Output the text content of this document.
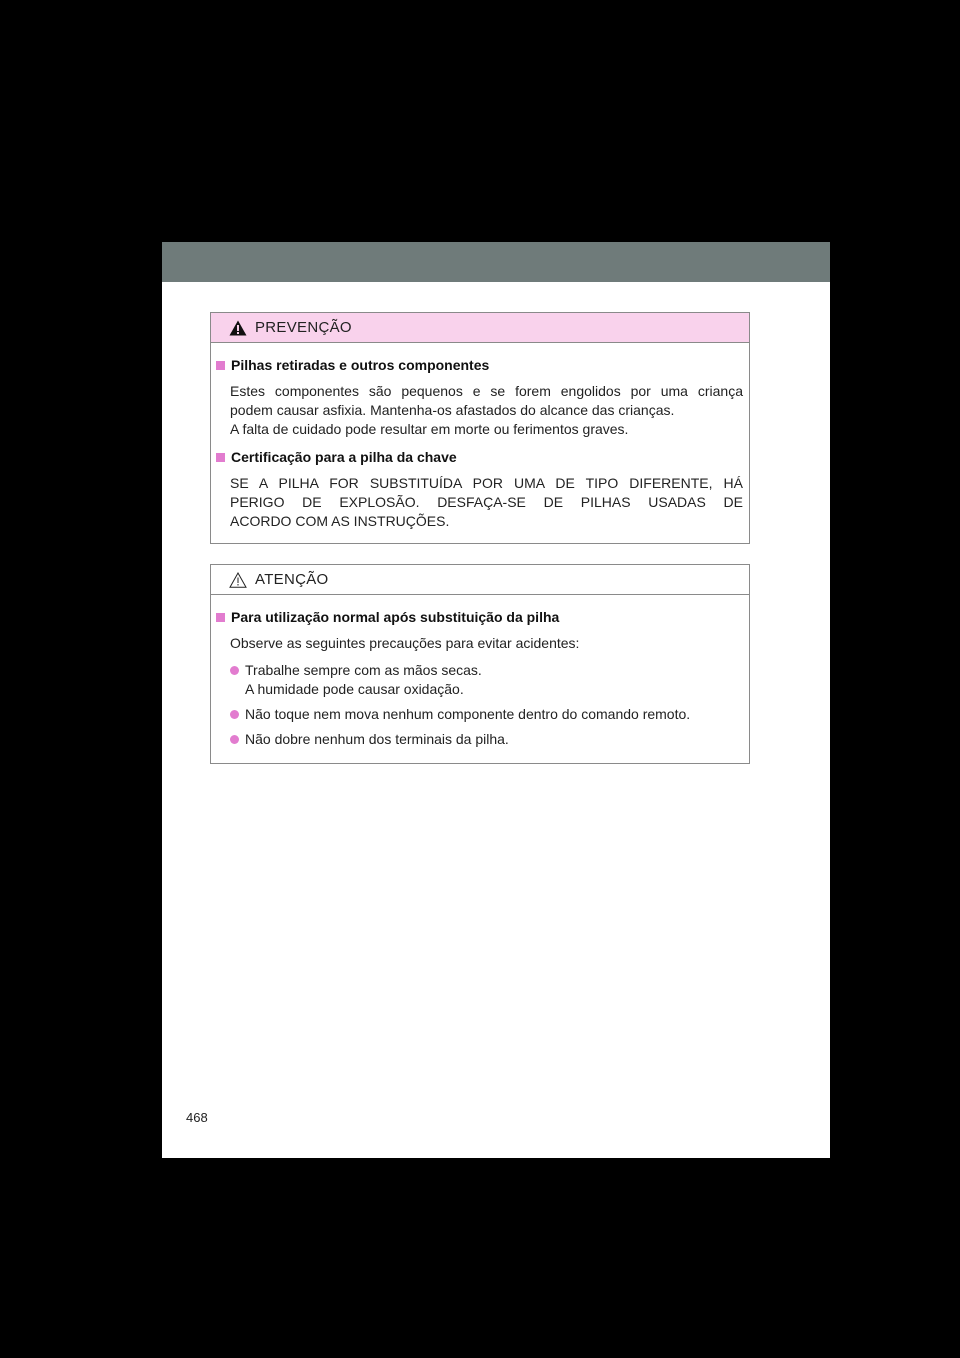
PREVENÇÃO
Pilhas retiradas e outros componentes
Estes componentes são pequenos e se forem engolidos por uma criança
podem causar asfixia. Mantenha-os afastados do alcance das crianças.
A falta de cuidado pode resultar em morte ou ferimentos graves.
Certificação para a pilha da chave
SE A PILHA FOR SUBSTITUÍDA POR UMA DE TIPO DIFERENTE, HÁ
PERIGO DE EXPLOSÃO. DESFAÇA-SE DE PILHAS USADAS DE
ACORDO COM AS INSTRUÇÕES.
ATENÇÃO
Para utilização normal após substituição da pilha
Observe as seguintes precauções para evitar acidentes:
Trabalhe sempre com as mãos secas.
A humidade pode causar oxidação.
Não toque nem mova nenhum componente dentro do comando remoto.
Não dobre nenhum dos terminais da pilha.
468
